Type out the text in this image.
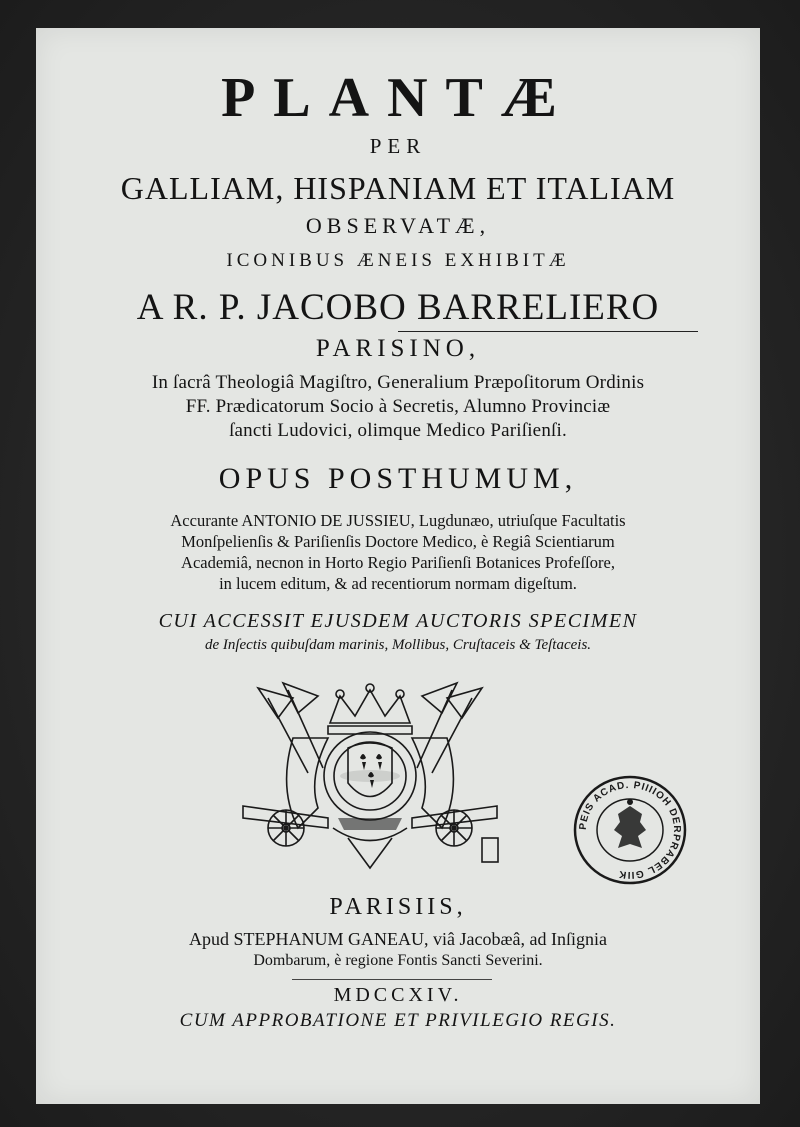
PLANTÆ
PER
GALLIAM, HISPANIAM ET ITALIAM
OBSERVATÆ,
ICONIBUS ÆNEIS EXHIBITÆ
A R. P. JACOBO BARRELIERO
PARISINO,
In ſacrâ Theologiâ Magiſtro, Generalium Præpoſitorum Ordinis
FF. Prædicatorum Socio à Secretis, Alumno Provinciæ
ſancti Ludovici, olimque Medico Pariſienſi.
OPUS POSTHUMUM,
Accurante ANTONIO DE JUSSIEU, Lugdunæo, utriuſque Facultatis
Monſpelienſis & Pariſienſis Doctore Medico, è Regiâ Scientiarum
Academiâ, necnon in Horto Regio Pariſienſi Botanices Profeſſore,
in lucem editum, & ad recentiorum normam digeſtum.
CUI ACCESSIT EJUSDEM AUCTORIS SPECIMEN
de Inſectis quibuſdam marinis, Mollibus, Cruſtaceis & Teſtaceis.
PEIS ACAD. PIIIIOH DERPRABEL GIIK
PARISIIS,
Apud STEPHANUM GANEAU, viâ Jacobæâ, ad Inſignia
Dombarum, è regione Fontis Sancti Severini.
MDCCXIV.
CUM APPROBATIONE ET PRIVILEGIO REGIS.
